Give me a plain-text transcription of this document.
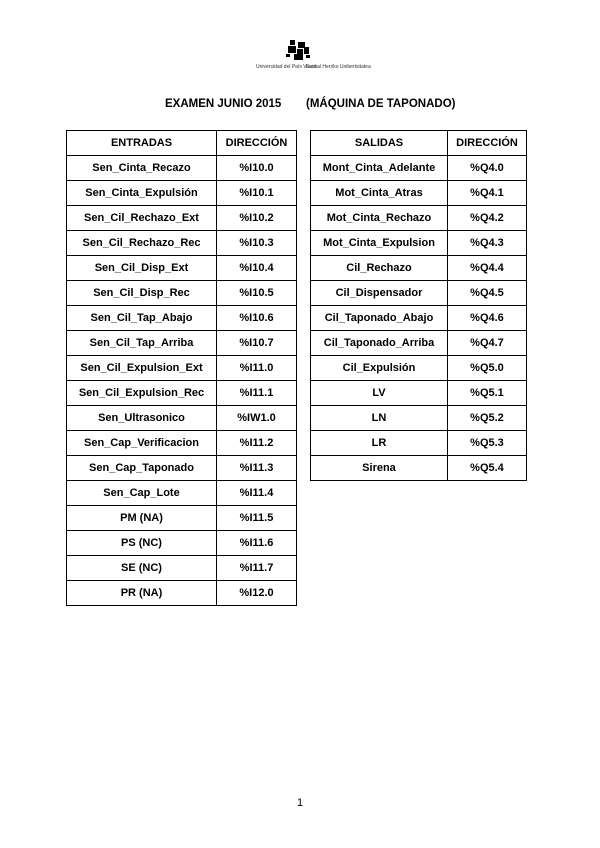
Universidad del País Vasco
Euskal Herriko Unibertsitatea
EXAMEN JUNIO 2015 (MÁQUINA DE TAPONADO)
ENTRADAS	DIRECCIÓN
Sen_Cinta_Recazo	%I10.0
Sen_Cinta_Expulsión	%I10.1
Sen_Cil_Rechazo_Ext	%I10.2
Sen_Cil_Rechazo_Rec	%I10.3
Sen_Cil_Disp_Ext	%I10.4
Sen_Cil_Disp_Rec	%I10.5
Sen_Cil_Tap_Abajo	%I10.6
Sen_Cil_Tap_Arriba	%I10.7
Sen_Cil_Expulsion_Ext	%I11.0
Sen_Cil_Expulsion_Rec	%I11.1
Sen_Ultrasonico	%IW1.0
Sen_Cap_Verificacion	%I11.2
Sen_Cap_Taponado	%I11.3
Sen_Cap_Lote	%I11.4
PM (NA)	%I11.5
PS (NC)	%I11.6
SE (NC)	%I11.7
PR (NA)	%I12.0
SALIDAS	DIRECCIÓN
Mont_Cinta_Adelante	%Q4.0
Mot_Cinta_Atras	%Q4.1
Mot_Cinta_Rechazo	%Q4.2
Mot_Cinta_Expulsion	%Q4.3
Cil_Rechazo	%Q4.4
Cil_Dispensador	%Q4.5
Cil_Taponado_Abajo	%Q4.6
Cil_Taponado_Arriba	%Q4.7
Cil_Expulsión	%Q5.0
LV	%Q5.1
LN	%Q5.2
LR	%Q5.3
Sirena	%Q5.4
1
